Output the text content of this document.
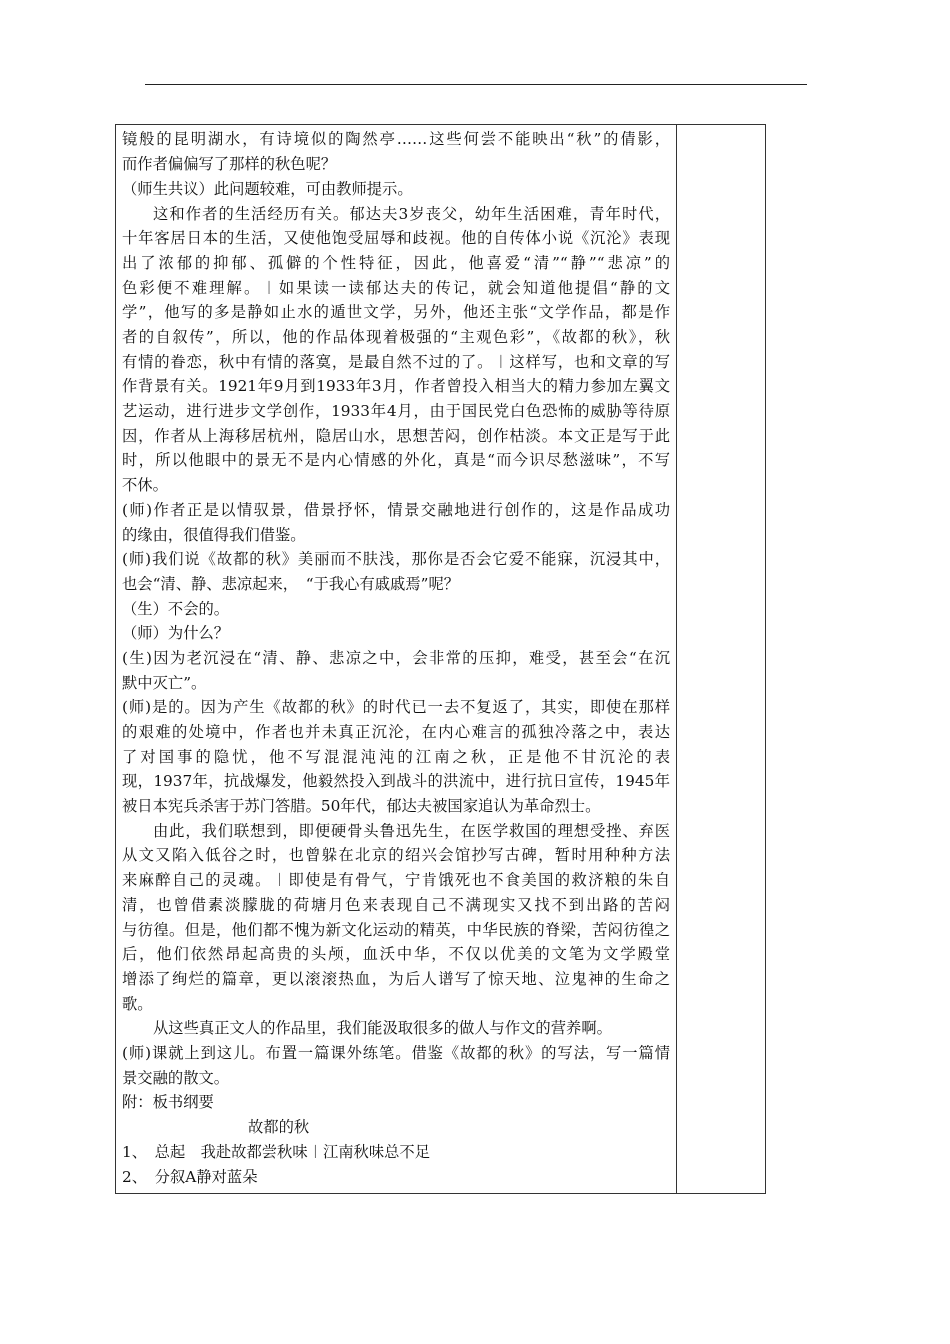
镜般的昆明湖水，有诗境似的陶然亭……这些何尝不能映出“秋”的倩影，
而作者偏偏写了那样的秋色呢？
（师生共议）此问题较难，可由教师提示。
这和作者的生活经历有关。郁达夫3岁丧父，幼年生活困难，青年时代，
十年客居日本的生活，又使他饱受屈辱和歧视。他的自传体小说《沉沦》表现
出了浓郁的抑郁、孤僻的个性特征，因此，他喜爱“清”“静”“悲凉”的
色彩便不难理解。︱如果读一读郁达夫的传记，就会知道他提倡“静的文
学”，他写的多是静如止水的遁世文学，另外，他还主张“文学作品，都是作
者的自叙传”，所以，他的作品体现着极强的“主观色彩”，《故都的秋》，秋
有情的眷恋，秋中有情的落寞，是最自然不过的了。︱这样写，也和文章的写
作背景有关。1921年9月到1933年3月，作者曾投入相当大的精力参加左翼文
艺运动，进行进步文学创作，1933年4月，由于国民党白色恐怖的威胁等待原
因，作者从上海移居杭州，隐居山水，思想苦闷，创作枯淡。本文正是写于此
时，所以他眼中的景无不是内心情感的外化，真是“而今识尽愁滋味”，不写
不休。
(师)作者正是以情驭景，借景抒怀，情景交融地进行创作的，这是作品成功
的缘由，很值得我们借鉴。
(师)我们说《故都的秋》美丽而不肤浅，那你是否会它爱不能寐，沉浸其中，
也会“清、静、悲凉起来，　“于我心有戚戚焉”呢？
（生）不会的。
（师）为什么？
(生)因为老沉浸在“清、静、悲凉之中，会非常的压抑，难受，甚至会“在沉
默中灭亡”。
(师)是的。因为产生《故都的秋》的时代已一去不复返了，其实，即使在那样
的艰难的处境中，作者也并未真正沉沦，在内心难言的孤独冷落之中，表达
了对国事的隐忧，他不写混混沌沌的江南之秋，正是他不甘沉沦的表
现，1937年，抗战爆发，他毅然投入到战斗的洪流中，进行抗日宣传，1945年
被日本宪兵杀害于苏门答腊。50年代，郁达夫被国家追认为革命烈士。
由此，我们联想到，即便硬骨头鲁迅先生，在医学救国的理想受挫、弃医
从文又陷入低谷之时，也曾躲在北京的绍兴会馆抄写古碑，暂时用种种方法
来麻醉自己的灵魂。︱即使是有骨气，宁肯饿死也不食美国的救济粮的朱自
清，也曾借素淡朦胧的荷塘月色来表现自己不满现实又找不到出路的苦闷
与彷徨。但是，他们都不愧为新文化运动的精英，中华民族的脊梁，苦闷彷徨之
后，他们依然昂起高贵的头颅，血沃中华，不仅以优美的文笔为文学殿堂
增添了绚烂的篇章，更以滚滚热血，为后人谱写了惊天地、泣鬼神的生命之
歌。
从这些真正文人的作品里，我们能汲取很多的做人与作文的营养啊。
(师)课就上到这儿。布置一篇课外练笔。借鉴《故都的秋》的写法，写一篇情
景交融的散文。
附：板书纲要
故都的秋
1、　总起　我赴故都尝秋味︱江南秋味总不足
2、　分叙A静对蓝朵
